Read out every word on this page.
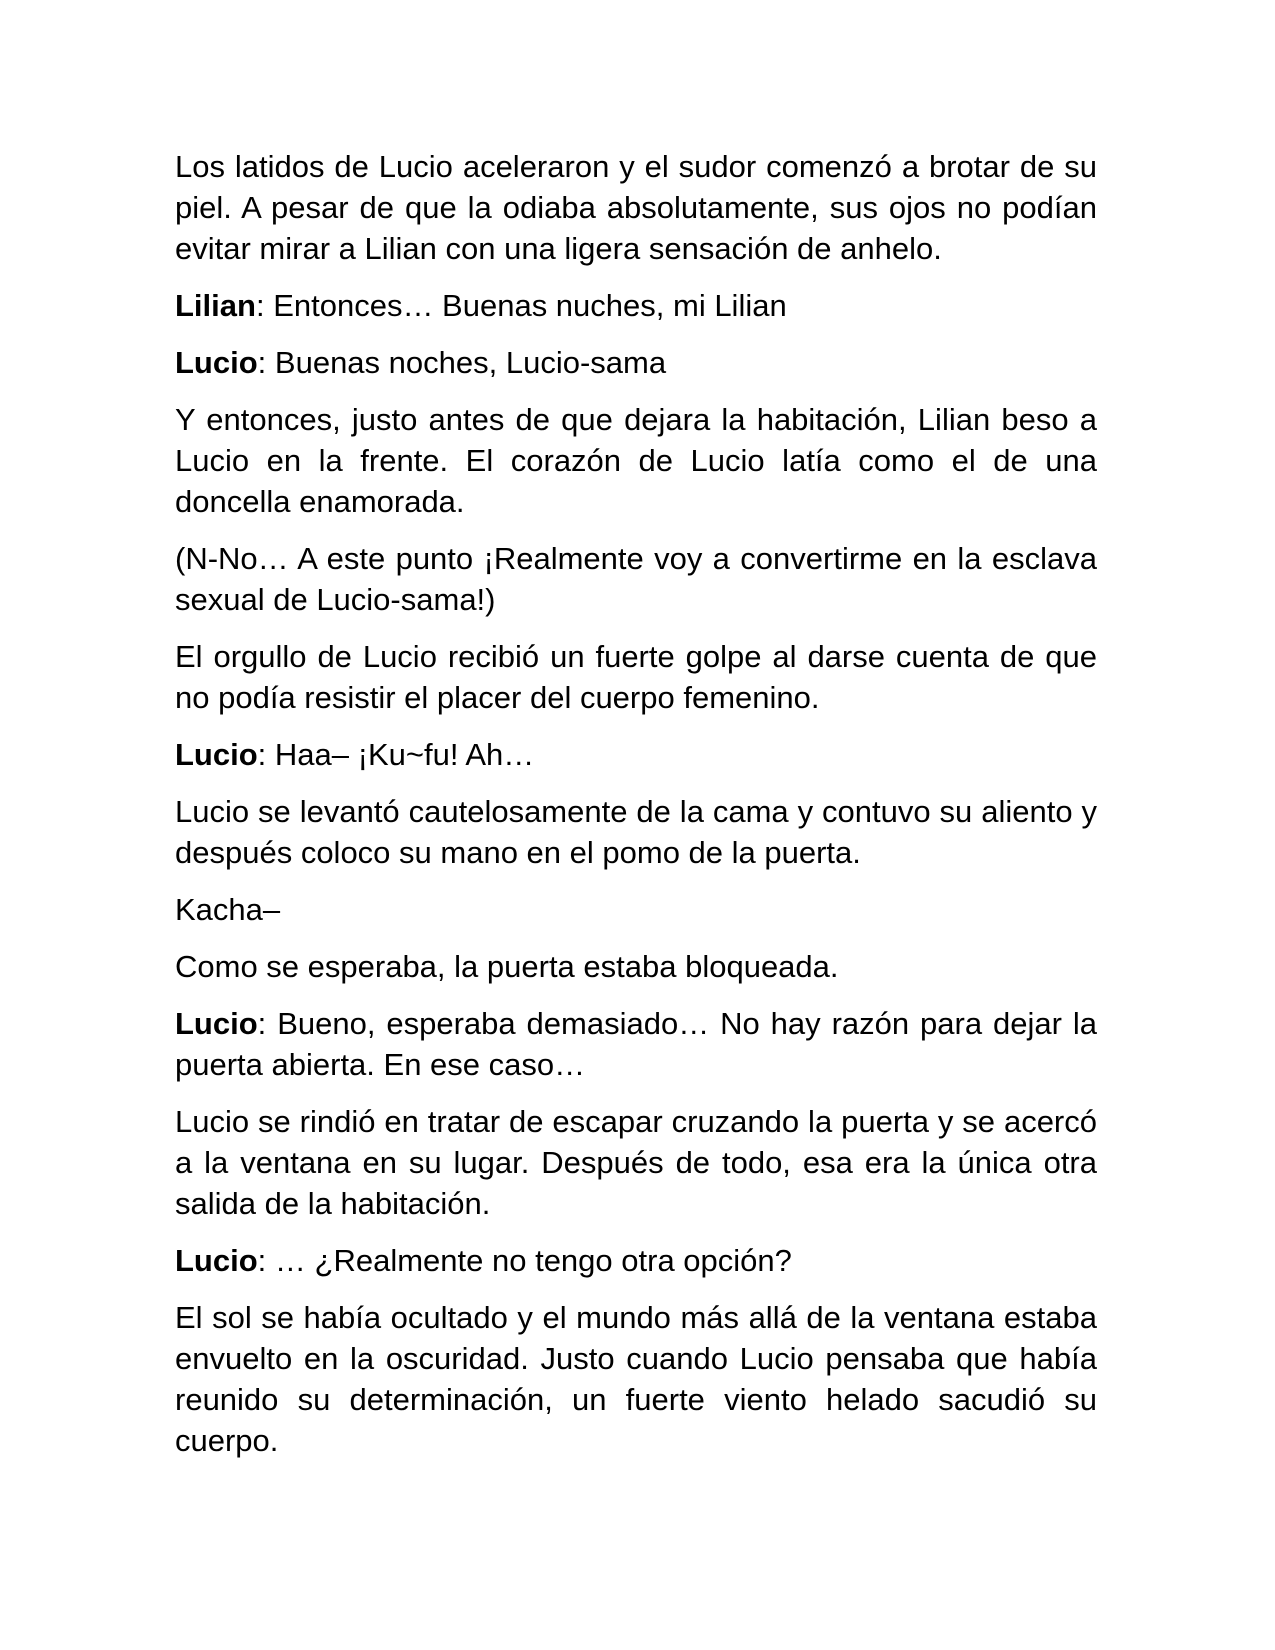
Los latidos de Lucio aceleraron y el sudor comenzó a brotar de su piel. A pesar de que la odiaba absolutamente, sus ojos no podían evitar mirar a Lilian con una ligera sensación de anhelo.

Lilian: Entonces… Buenas nuches, mi Lilian

Lucio: Buenas noches, Lucio-sama

Y entonces, justo antes de que dejara la habitación, Lilian beso a Lucio en la frente. El corazón de Lucio latía como el de una doncella enamorada.

(N-No… A este punto ¡Realmente voy a convertirme en la esclava sexual de Lucio-sama!)

El orgullo de Lucio recibió un fuerte golpe al darse cuenta de que no podía resistir el placer del cuerpo femenino.

Lucio: Haa– ¡Ku~fu! Ah…

Lucio se levantó cautelosamente de la cama y contuvo su aliento y después coloco su mano en el pomo de la puerta.

Kacha–

Como se esperaba, la puerta estaba bloqueada.

Lucio: Bueno, esperaba demasiado… No hay razón para dejar la puerta abierta. En ese caso…

Lucio se rindió en tratar de escapar cruzando la puerta y se acercó a la ventana en su lugar. Después de todo, esa era la única otra salida de la habitación.

Lucio: … ¿Realmente no tengo otra opción?

El sol se había ocultado y el mundo más allá de la ventana estaba envuelto en la oscuridad. Justo cuando Lucio pensaba que había reunido su determinación, un fuerte viento helado sacudió su cuerpo.
